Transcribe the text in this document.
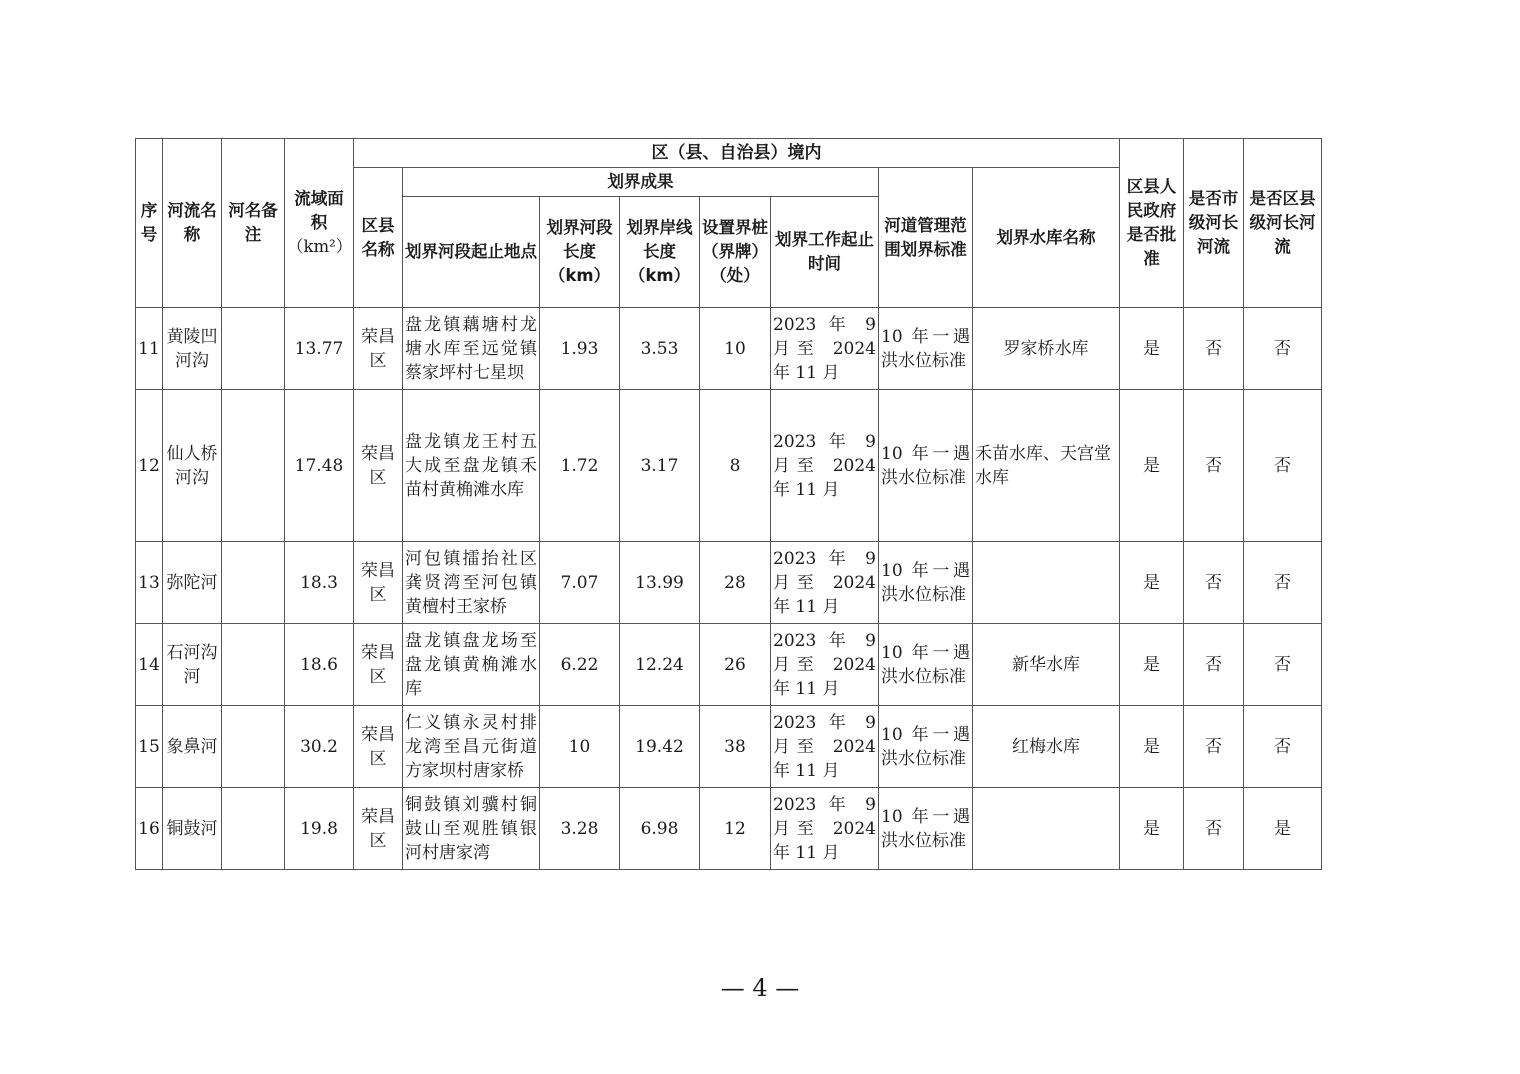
序号	河流名称	河名备注	流域面积
（km²）	区（县、自治县）境内								区县人民政府是否批准	是否市级河长河流	是否区县级河长河流
				区县名称	划界成果					河道管理范围划界标准	划界水库名称			
					划界河段起止地点	划界河段长度（km）	划界岸线长度（km）	设置界桩（界牌）（处）	划界工作起止时间					
11	黄陵凹河沟		13.77	荣昌区	盘龙镇藕塘村龙塘水库至远觉镇蔡家坪村七星坝	1.93	3.53	10	2023 年 9 月至 2024 年 11 月	10 年一遇洪水位标准	罗家桥水库	是	否	否
12	仙人桥河沟		17.48	荣昌区	盘龙镇龙王村五大成至盘龙镇禾苗村黄桷滩水库	1.72	3.17	8	2023 年 9 月至 2024 年 11 月	10 年一遇洪水位标准	禾苗水库、天宫堂水库	是	否	否
13	弥陀河		18.3	荣昌区	河包镇擂抬社区龚贤湾至河包镇黄檀村王家桥	7.07	13.99	28	2023 年 9 月至 2024 年 11 月	10 年一遇洪水位标准		是	否	否
14	石河沟河		18.6	荣昌区	盘龙镇盘龙场至盘龙镇黄桷滩水库	6.22	12.24	26	2023 年 9 月至 2024 年 11 月	10 年一遇洪水位标准	新华水库	是	否	否
15	象鼻河		30.2	荣昌区	仁义镇永灵村排龙湾至昌元街道方家坝村唐家桥	10	19.42	38	2023 年 9 月至 2024 年 11 月	10 年一遇洪水位标准	红梅水库	是	否	否
16	铜鼓河		19.8	荣昌区	铜鼓镇刘骥村铜鼓山至观胜镇银河村唐家湾	3.28	6.98	12	2023 年 9 月至 2024 年 11 月	10 年一遇洪水位标准		是	否	是
— 4 —
